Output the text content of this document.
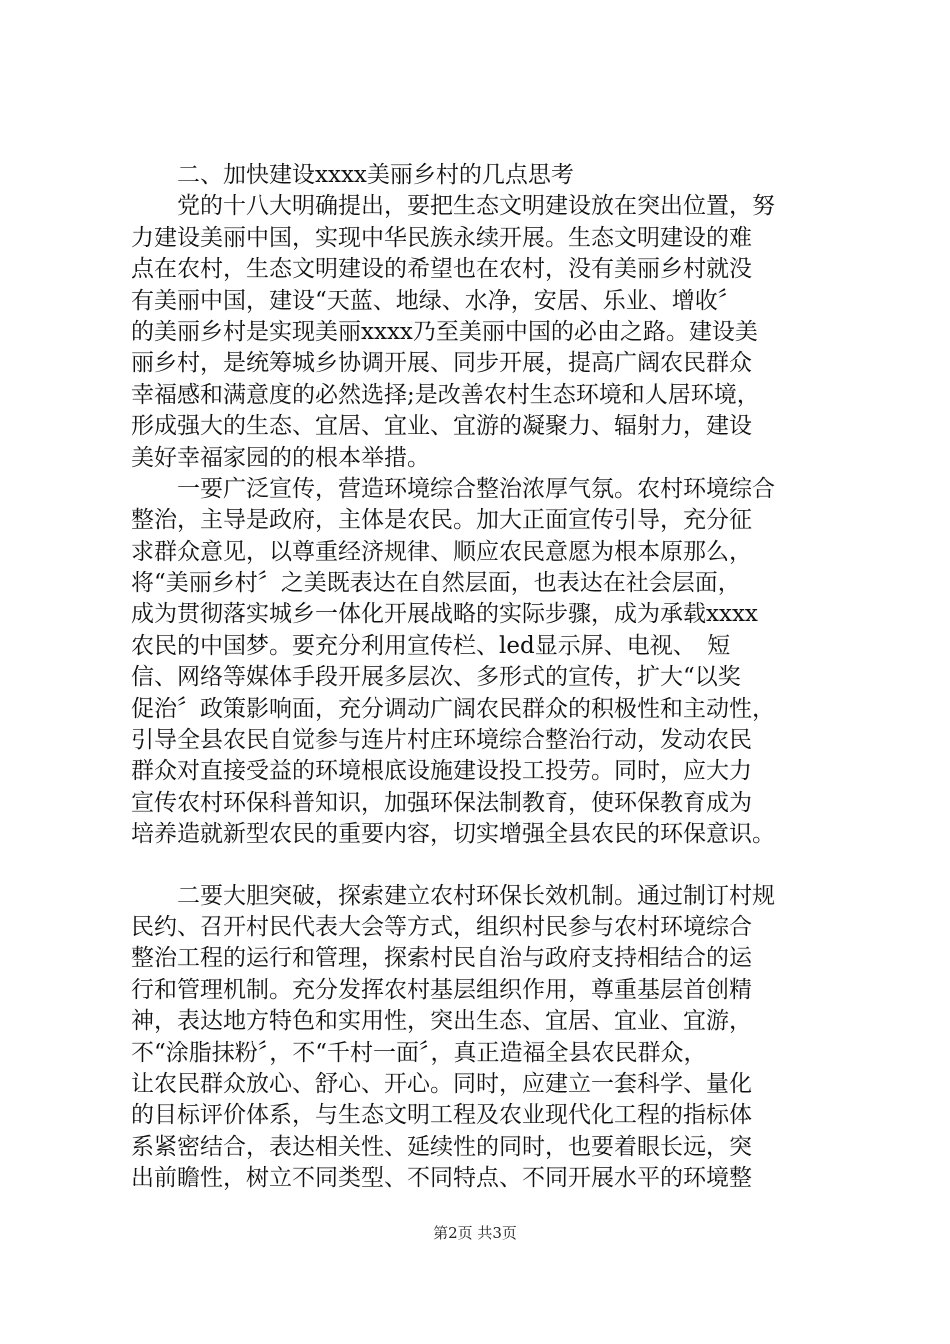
　　二、加快建设xxxx美丽乡村的几点思考
　　党的十八大明确提出，要把生态文明建设放在突出位置，努
力建设美丽中国，实现中华民族永续开展。生态文明建设的难
点在农村，生态文明建设的希望也在农村，没有美丽乡村就没
有美丽中国，建设“天蓝、地绿、水净，安居、乐业、增收〞
的美丽乡村是实现美丽xxxx乃至美丽中国的必由之路。建设美
丽乡村，是统筹城乡协调开展、同步开展，提高广阔农民群众
幸福感和满意度的必然选择;是改善农村生态环境和人居环境，
形成强大的生态、宜居、宜业、宜游的凝聚力、辐射力，建设
美好幸福家园的的根本举措。
　　一要广泛宣传，营造环境综合整治浓厚气氛。农村环境综合
整治，主导是政府，主体是农民。加大正面宣传引导，充分征
求群众意见，以尊重经济规律、顺应农民意愿为根本原那么，
将“美丽乡村〞之美既表达在自然层面，也表达在社会层面，
成为贯彻落实城乡一体化开展战略的实际步骤，成为承载xxxx
农民的中国梦。要充分利用宣传栏、led显示屏、电视、　短
信、网络等媒体手段开展多层次、多形式的宣传，扩大“以奖
促治〞政策影响面，充分调动广阔农民群众的积极性和主动性，
引导全县农民自觉参与连片村庄环境综合整治行动，发动农民
群众对直接受益的环境根底设施建设投工投劳。同时，应大力
宣传农村环保科普知识，加强环保法制教育，使环保教育成为
培养造就新型农民的重要内容，切实增强全县农民的环保意识。
　　二要大胆突破，探索建立农村环保长效机制。通过制订村规
民约、召开村民代表大会等方式，组织村民参与农村环境综合
整治工程的运行和管理，探索村民自治与政府支持相结合的运
行和管理机制。充分发挥农村基层组织作用，尊重基层首创精
神，表达地方特色和实用性，突出生态、宜居、宜业、宜游，
不“涂脂抹粉〞，不“千村一面〞，真正造福全县农民群众，
让农民群众放心、舒心、开心。同时，应建立一套科学、量化
的目标评价体系，与生态文明工程及农业现代化工程的指标体
系紧密结合，表达相关性、延续性的同时，也要着眼长远，突
出前瞻性，树立不同类型、不同特点、不同开展水平的环境整
第2页 共3页
